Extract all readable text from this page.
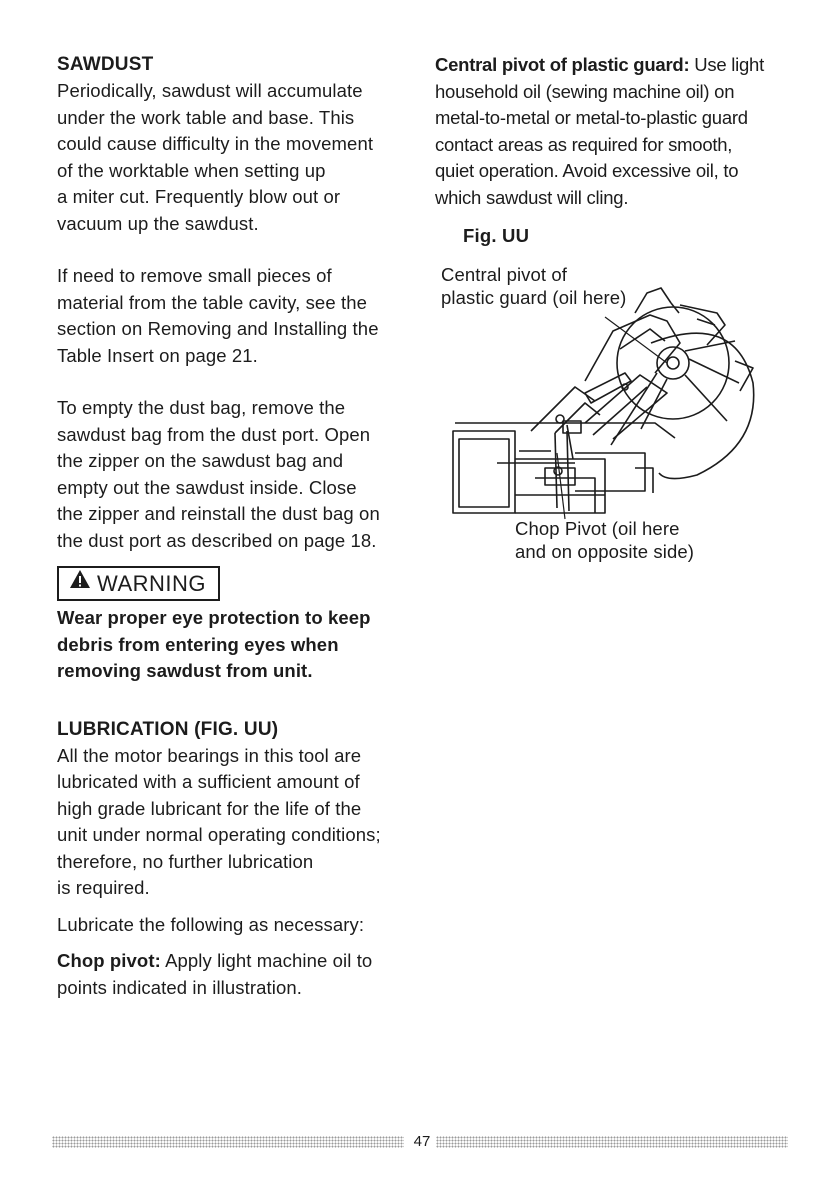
SAWDUST

Periodically, sawdust will accumulate
under the work table and base. This
could cause difficulty in the movement
of the worktable when setting up
a miter cut. Frequently blow out or
vacuum up the sawdust.

If need to remove small pieces of
material from the table cavity, see the
section on Removing and Installing the
Table Insert on page 21.

To empty the dust bag, remove the
sawdust bag from the dust port. Open
the zipper on the sawdust bag and
empty out the sawdust inside. Close
the zipper and reinstall the dust bag on
the dust port as described on page 18.

WARNING

Wear proper eye protection to keep
debris from entering eyes when
removing sawdust from unit.

LUBRICATION (FIG. UU)

All the motor bearings in this tool are
lubricated with a sufficient amount of
high grade lubricant for the life of the
unit under normal operating conditions;
therefore, no further lubrication
is required.

Lubricate the following as necessary:

Chop pivot: Apply light machine oil to
points indicated in illustration.

Central pivot of plastic guard: Use light
household oil (sewing machine oil) on
metal-to-metal or metal-to-plastic guard
contact areas as required for smooth,
quiet operation. Avoid excessive oil, to
which sawdust will cling.

Fig. UU
Central pivot of
plastic guard (oil here)
Chop Pivot (oil here
and on opposite side)
47
